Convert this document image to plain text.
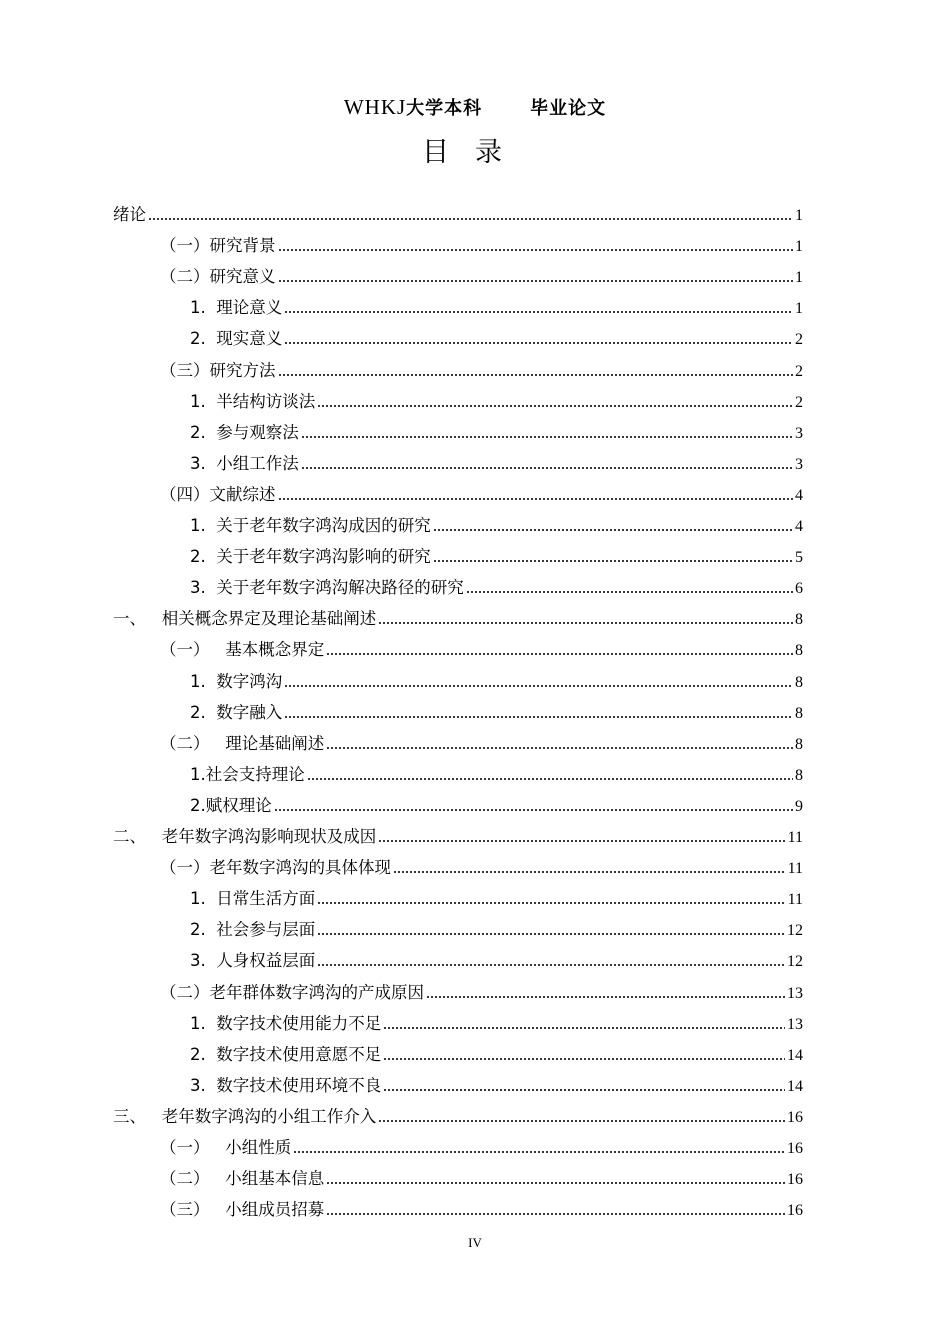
WHKJ大学本科	毕业论文
目录
绪论	1
（一）研究背景	1
（二）研究意义	1
1.  理论意义	1
2.  现实意义	2
（三）研究方法	2
1.  半结构访谈法	2
2.  参与观察法	3
3.  小组工作法	3
（四）文献综述	4
1.  关于老年数字鸿沟成因的研究	4
2.  关于老年数字鸿沟影响的研究	5
3.  关于老年数字鸿沟解决路径的研究	6
一、   相关概念界定及理论基础阐述	8
（一）   基本概念界定	8
1.  数字鸿沟	8
2.  数字融入	8
（二）   理论基础阐述	8
1.社会支持理论	8
2.赋权理论	9
二、   老年数字鸿沟影响现状及成因	11
（一）老年数字鸿沟的具体体现	11
1.  日常生活方面	11
2.  社会参与层面	12
3.  人身权益层面	12
（二）老年群体数字鸿沟的产成原因	13
1.  数字技术使用能力不足	13
2.  数字技术使用意愿不足	14
3.  数字技术使用环境不良	14
三、   老年数字鸿沟的小组工作介入	16
（一）   小组性质	16
（二）   小组基本信息	16
（三）   小组成员招募	16
IV
